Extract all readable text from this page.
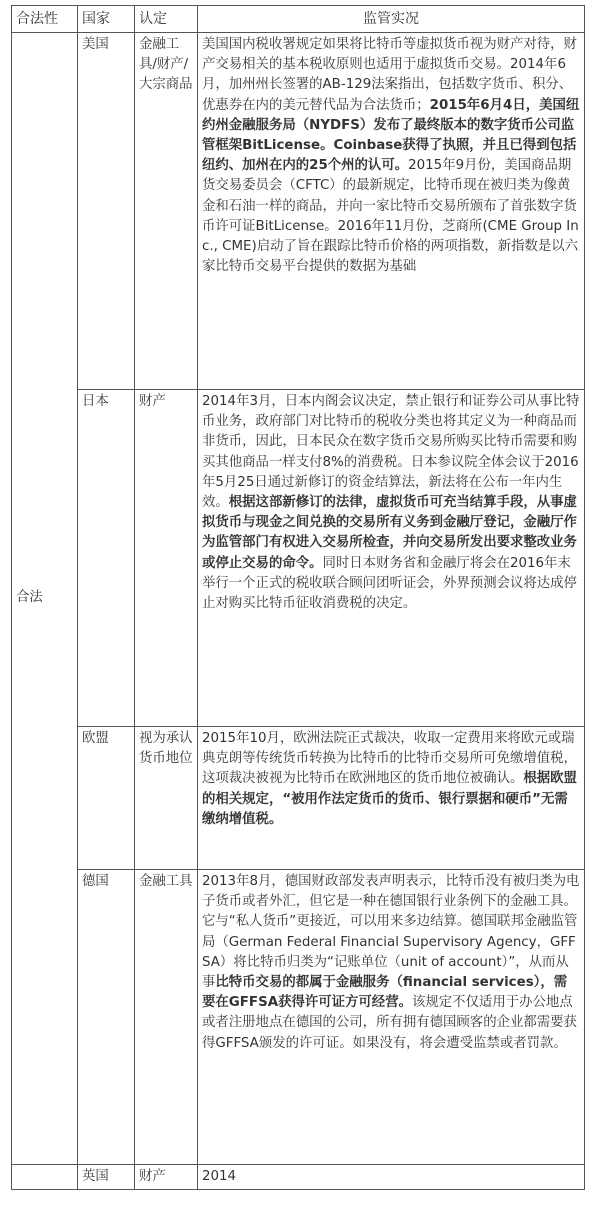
合法性	国家	认定	监管实况
合法	美国	金融工具/财产/大宗商品	美国国内税收署规定如果将比特币等虚拟货币视为财产对待，财产交易相关的基本税收原则也适用于虚拟货币交易。2014年6月，加州州长签署的AB-129法案指出，包括数字货币、积分、优惠券在内的美元替代品为合法货币；2015年6月4日，美国纽约州金融服务局（NYDFS）发布了最终版本的数字货币公司监管框架BitLicense。Coinbase获得了执照，并且已得到包括纽约、加州在内的25个州的认可。2015年9月份，美国商品期货交易委员会（CFTC）的最新规定，比特币现在被归类为像黄金和石油一样的商品，并向一家比特币交易所颁布了首张数字货币许可证BitLicense。2016年11月份，芝商所(CME Group Inc., CME)启动了旨在跟踪比特币价格的两项指数，新指数是以六家比特币交易平台提供的数据为基础
	日本	财产	2014年3月，日本内阁会议决定，禁止银行和证券公司从事比特币业务，政府部门对比特币的税收分类也将其定义为一种商品而非货币，因此，日本民众在数字货币交易所购买比特币需要和购买其他商品一样支付8%的消费税。日本参议院全体会议于2016年5月25日通过新修订的资金结算法，新法将在公布一年内生效。根据这部新修订的法律，虚拟货币可充当结算手段，从事虚拟货币与现金之间兑换的交易所有义务到金融厅登记，金融厅作为监管部门有权进入交易所检查，并向交易所发出要求整改业务或停止交易的命令。同时日本财务省和金融厅将会在2016年末举行一个正式的税收联合顾问团听证会，外界预测会议将达成停止对购买比特币征收消费税的决定。
	欧盟	视为承认货币地位	2015年10月，欧洲法院正式裁决，收取一定费用来将欧元或瑞典克朗等传统货币转换为比特币的比特币交易所可免缴增值税，这项裁决被视为比特币在欧洲地区的货币地位被确认。根据欧盟的相关规定，“被用作法定货币的货币、银行票据和硬币”无需缴纳增值税。
	德国	金融工具	2013年8月，德国财政部发表声明表示，比特币没有被归类为电子货币或者外汇，但它是一种在德国银行业条例下的金融工具。它与“私人货币”更接近，可以用来多边结算。德国联邦金融监管局（German Federal Financial Supervisory Agency，GFFSA）将比特币归类为“记账单位（unit of account）”，从而从事比特币交易的都属于金融服务（financial services），需要在GFFSA获得许可证方可经营。该规定不仅适用于办公地点或者注册地点在德国的公司，所有拥有德国顾客的企业都需要获得GFFSA颁发的许可证。如果没有，将会遭受监禁或者罚款。
	英国	财产	2014
